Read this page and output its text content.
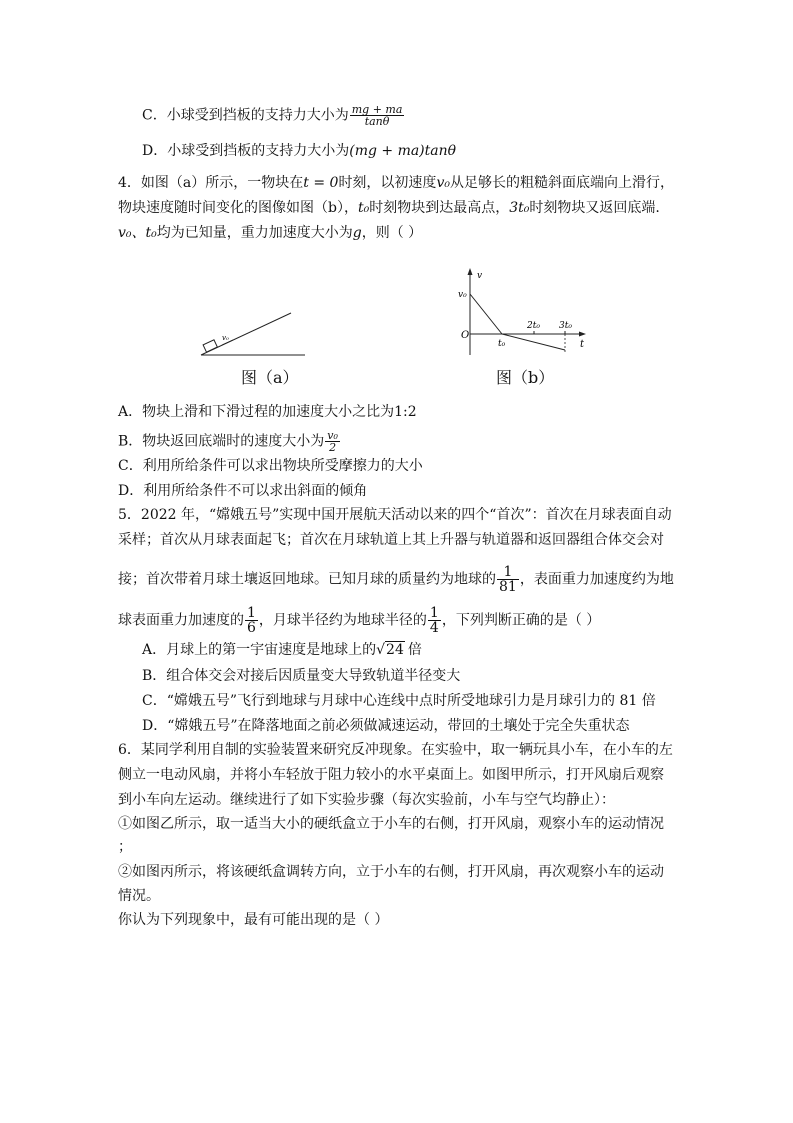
C．小球受到挡板的支持力大小为 $\frac{mg + ma}{\tan\theta}$
D．小球受到挡板的支持力大小为(mg + ma)tanθ
4．如图（a）所示，一物块在t = 0时刻，以初速度v₀从足够长的粗糙斜面底端向上滑行，
物块速度随时间变化的图像如图（b），t₀时刻物块到达最高点，3t₀时刻物块又返回底端.
v₀、t₀均为已知量，重力加速度大小为g，则（ ）
v₀
图（a）
v
v₀
O
t₀
2t₀ 3t₀
t
图（b）
A．物块上滑和下滑过程的加速度大小之比为1:2
B．物块返回底端时的速度大小为 $\frac{\text{v₀}}{2}$
C．利用所给条件可以求出物块所受摩擦力的大小
D．利用所给条件不可以求出斜面的倾角
5．2022 年，“嫦娥五号”实现中国开展航天活动以来的四个“首次”：首次在月球表面自动
采样；首次从月球表面起飞；首次在月球轨道上其上升器与轨道器和返回器组合体交会对
接；首次带着月球土壤返回地球。已知月球的质量约为地球的 $\frac{1}{81}$ ，表面重力加速度约为地
球表面重力加速度的 $\frac{1}{6}$ ，月球半径约为地球半径的 $\frac{1}{4}$ ，下列判断正确的是（ ）
A．月球上的第一宇宙速度是地球上的√24 倍
B．组合体交会对接后因质量变大导致轨道半径变大
C．“嫦娥五号”飞行到地球与月球中心连线中点时所受地球引力是月球引力的 81 倍
D．“嫦娥五号”在降落地面之前必须做减速运动，带回的土壤处于完全失重状态
6．某同学利用自制的实验装置来研究反冲现象。在实验中，取一辆玩具小车，在小车的左
侧立一电动风扇，并将小车轻放于阻力较小的水平桌面上。如图甲所示，打开风扇后观察
到小车向左运动。继续进行了如下实验步骤（每次实验前，小车与空气均静止）：
①如图乙所示，取一适当大小的硬纸盒立于小车的右侧，打开风扇，观察小车的运动情况
；
②如图丙所示，将该硬纸盒调转方向，立于小车的右侧，打开风扇，再次观察小车的运动
情况。
你认为下列现象中，最有可能出现的是（ ）
